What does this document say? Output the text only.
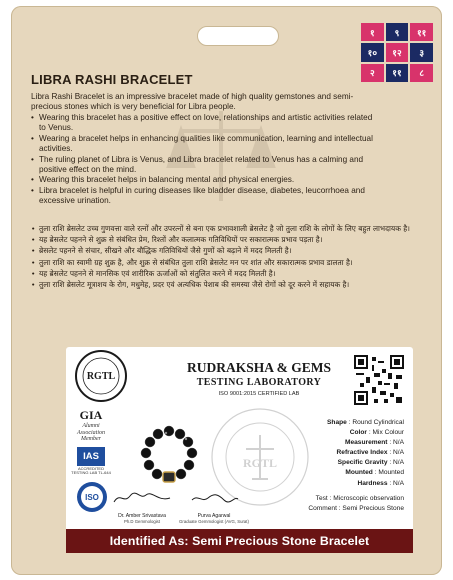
१	९	११
१०	१२	३
२	११	८
LIBRA RASHI BRACELET
Libra Rashi Bracelet is an impressive bracelet made of high quality gemstones and semi-precious stones which is very beneficial for Libra people.
• Wearing this bracelet has a positive effect on love, relationships and artistic activities related to Venus.
• Wearing a bracelet helps in enhancing qualities like communication, learning and intellectual activities.
• The ruling planet of Libra is Venus, and Libra bracelet related to Venus has a calming and positive effect on the mind.
• Wearing this bracelet helps in balancing mental and physical energies.
• Libra bracelet is helpful in curing diseases like bladder disease, diabetes, leucorrhoea and excessive urination.
• तुला राशि ब्रेसलेट उच्च गुणवत्ता वाले रत्नों और उपरत्नों से बना एक प्रभावशाली ब्रेसलेट है जो तुला राशि के लोगों के लिए बहुत लाभदायक है।
• यह ब्रेसलेट पहनने से शुक्र से संबंधित प्रेम, रिश्तों और कलात्मक गतिविधियों पर सकारात्मक प्रभाव पड़ता है।
• ब्रेसलेट पहनने से संचार, सीखने और बौद्धिक गतिविधियों जैसे गुणों को बढ़ाने में मदद मिलती है।
• तुला राशि का स्वामी ग्रह शुक्र है, और शुक्र से संबंधित तुला राशि ब्रेसलेट मन पर शांत और सकारात्मक प्रभाव डालता है।
• यह ब्रेसलेट पहनने से मानसिक एवं शारीरिक ऊर्जाओं को संतुलित करने में मदद मिलती है।
• तुला राशि ब्रेसलेट मूत्राशय के रोग, मधुमेह, प्रदर एवं अत्यधिक पेशाब की समस्या जैसे रोगों को दूर करने में सहायक है।
RGTL
RUDRAKSHA & GEMS
TESTING LABORATORY
ISO 9001:2015 CERTIFIED LAB
GIA
Alumni Association Member
IAS
ACCREDITED TESTING LAB TL-644
ISO
RGTL
Shape : Round Cylindrical
Color : Mix Colour
Measurement : N/A
Refractive Index : N/A
Specific Gravity : N/A
Mounted : Mounted
Hardness : N/A
Test : Microscopic observation
Comment : Semi Precious Stone
Dr. Amber Srivastava
Ph.D Gemmologist
Purva Agarwal
Graduate Gemmologist (AVG, Surat)
Identified As: Semi Precious Stone Bracelet
